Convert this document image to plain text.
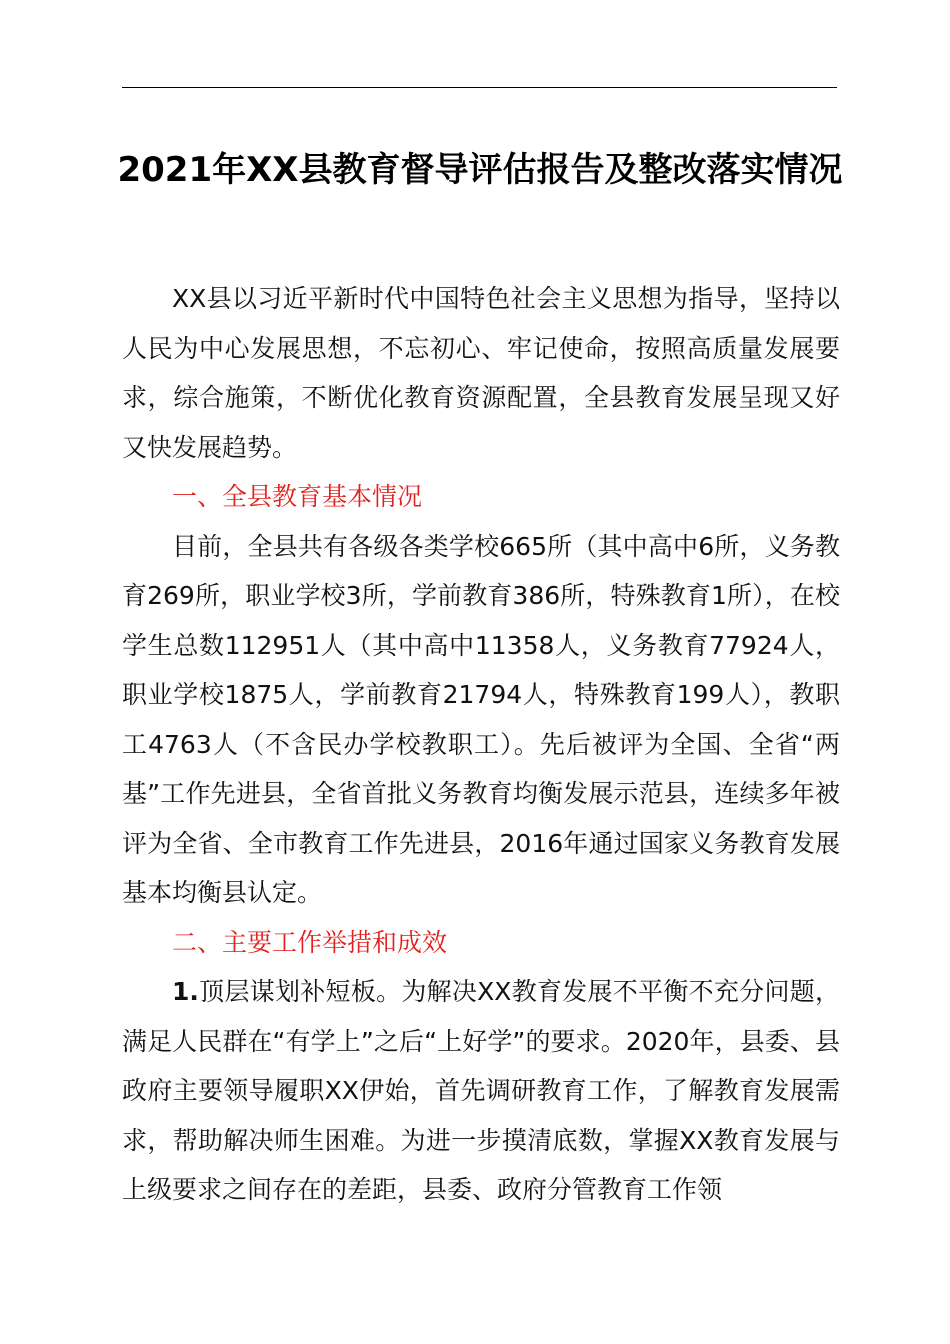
2021年XX县教育督导评估报告及整改落实情况

XX县以习近平新时代中国特色社会主义思想为指导，坚持以人民为中心发展思想，不忘初心、牢记使命，按照高质量发展要求，综合施策，不断优化教育资源配置，全县教育发展呈现又好又快发展趋势。

一、全县教育基本情况

目前，全县共有各级各类学校665所（其中高中6所，义务教育269所，职业学校3所，学前教育386所，特殊教育1所），在校学生总数112951人（其中高中11358人，义务教育77924人，职业学校1875人，学前教育21794人，特殊教育199人），教职工4763人（不含民办学校教职工）。先后被评为全国、全省“两基”工作先进县，全省首批义务教育均衡发展示范县，连续多年被评为全省、全市教育工作先进县，2016年通过国家义务教育发展基本均衡县认定。

二、主要工作举措和成效

1.顶层谋划补短板。为解决XX教育发展不平衡不充分问题，满足人民群在“有学上”之后“上好学”的要求。2020年，县委、县政府主要领导履职XX伊始，首先调研教育工作，了解教育发展需求，帮助解决师生困难。为进一步摸清底数，掌握XX教育发展与上级要求之间存在的差距，县委、政府分管教育工作领
